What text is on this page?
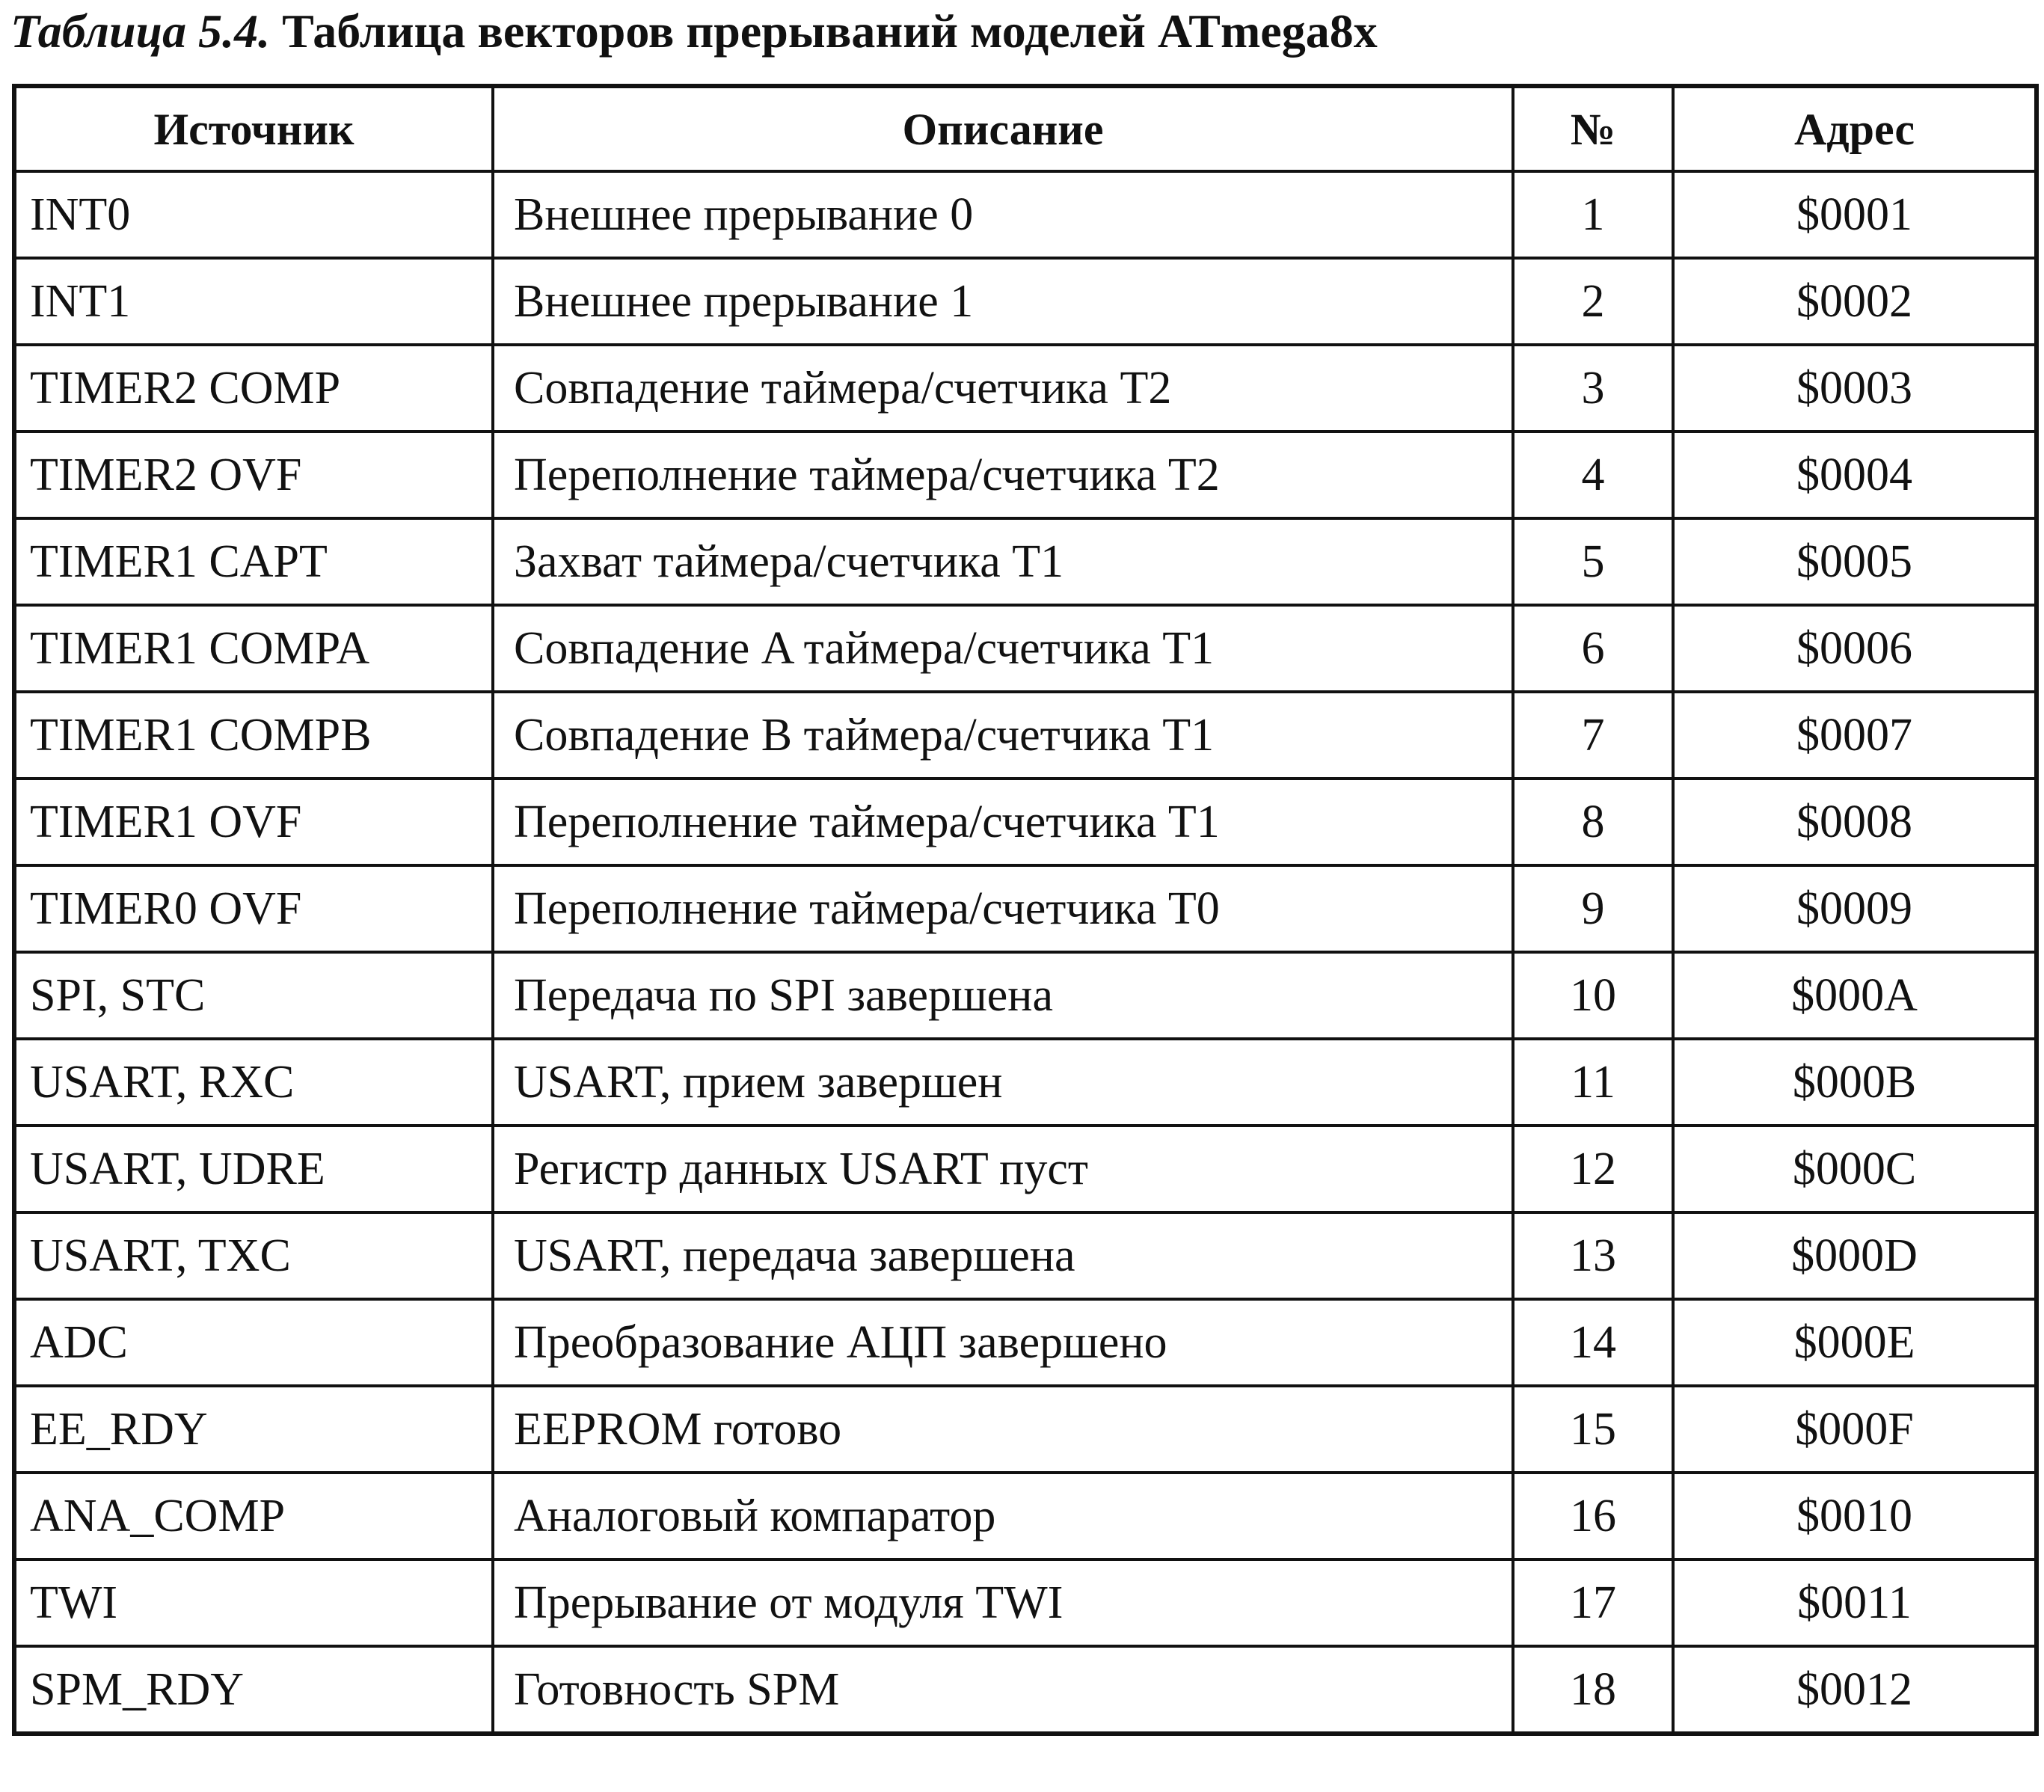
Таблица 5.4. Таблица векторов прерываний моделей ATmega8x
Источник	Описание	№	Адрес
INT0	Внешнее прерывание 0	1	$0001
INT1	Внешнее прерывание 1	2	$0002
TIMER2 COMP	Совпадение таймера/счетчика T2	3	$0003
TIMER2 OVF	Переполнение таймера/счетчика T2	4	$0004
TIMER1 CAPT	Захват таймера/счетчика T1	5	$0005
TIMER1 COMPA	Совпадение A таймера/счетчика T1	6	$0006
TIMER1 COMPB	Совпадение B таймера/счетчика T1	7	$0007
TIMER1 OVF	Переполнение таймера/счетчика T1	8	$0008
TIMER0 OVF	Переполнение таймера/счетчика T0	9	$0009
SPI, STC	Передача по SPI завершена	10	$000A
USART, RXC	USART, прием завершен	11	$000B
USART, UDRE	Регистр данных USART пуст	12	$000C
USART, TXC	USART, передача завершена	13	$000D
ADC	Преобразование АЦП завершено	14	$000E
EE_RDY	EEPROM готово	15	$000F
ANA_COMP	Аналоговый компаратор	16	$0010
TWI	Прерывание от модуля TWI	17	$0011
SPM_RDY	Готовность SPM	18	$0012
